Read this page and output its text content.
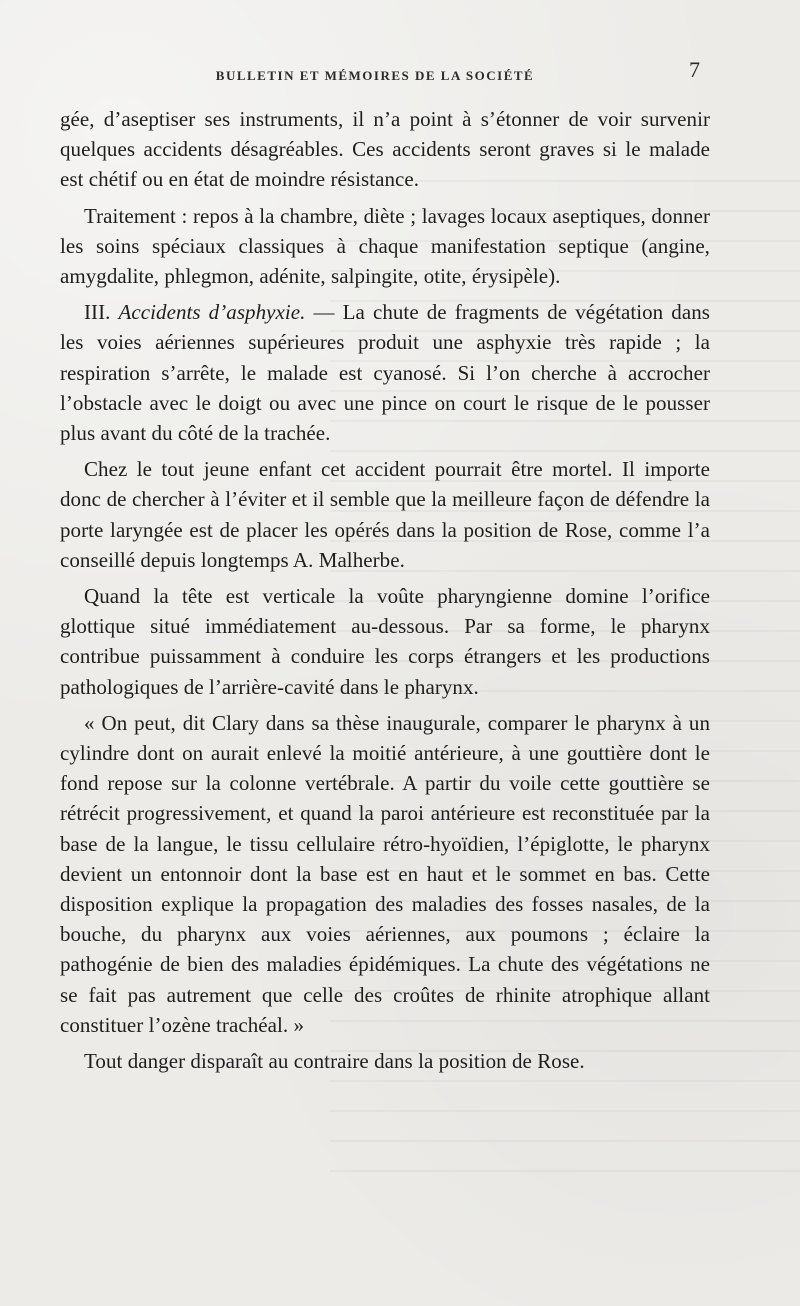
BULLETIN ET MÉMOIRES DE LA SOCIÉTÉ	7

gée, d’aseptiser ses instruments, il n’a point à s’étonner de voir survenir quelques accidents désagréables. Ces accidents seront graves si le malade est chétif ou en état de moindre résistance.

Traitement : repos à la chambre, diète ; lavages locaux aseptiques, donner les soins spéciaux classiques à chaque manifestation septique (angine, amygdalite, phlegmon, adénite, salpingite, otite, érysipèle).

III. Accidents d’asphyxie. — La chute de fragments de végétation dans les voies aériennes supérieures produit une asphyxie très rapide ; la respiration s’arrête, le malade est cyanosé. Si l’on cherche à accrocher l’obstacle avec le doigt ou avec une pince on court le risque de le pousser plus avant du côté de la trachée.

Chez le tout jeune enfant cet accident pourrait être mortel. Il importe donc de chercher à l’éviter et il semble que la meilleure façon de défendre la porte laryngée est de placer les opérés dans la position de Rose, comme l’a conseillé depuis longtemps A. Malherbe.

Quand la tête est verticale la voûte pharyngienne domine l’orifice glottique situé immédiatement au-dessous. Par sa forme, le pharynx contribue puissamment à conduire les corps étrangers et les productions pathologiques de l’arrière-cavité dans le pharynx.

« On peut, dit Clary dans sa thèse inaugurale, comparer le pharynx à un cylindre dont on aurait enlevé la moitié antérieure, à une gouttière dont le fond repose sur la colonne vertébrale. A partir du voile cette gouttière se rétrécit progressivement, et quand la paroi antérieure est reconstituée par la base de la langue, le tissu cellulaire rétro-hyoïdien, l’épiglotte, le pharynx devient un entonnoir dont la base est en haut et le sommet en bas. Cette disposition explique la propagation des maladies des fosses nasales, de la bouche, du pharynx aux voies aériennes, aux poumons ; éclaire la pathogénie de bien des maladies épidémiques. La chute des végétations ne se fait pas autrement que celle des croûtes de rhinite atrophique allant constituer l’ozène trachéal. »

Tout danger disparaît au contraire dans la position de Rose.
